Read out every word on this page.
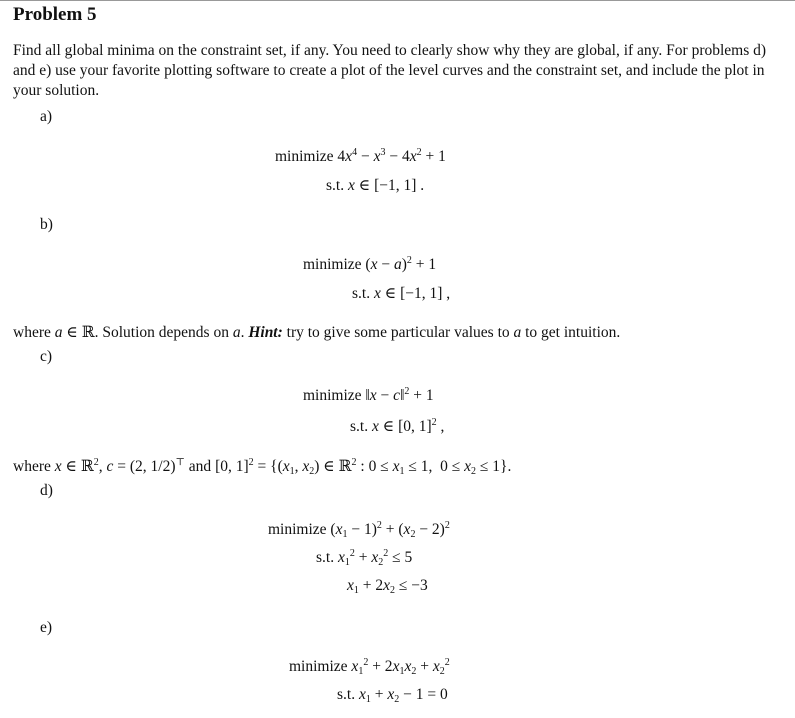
Problem 5
Find all global minima on the constraint set, if any. You need to clearly show why they are global, if any. For problems d) and e) use your favorite plotting software to create a plot of the level curves and the constraint set, and include the plot in your solution.
a)
minimize $4x^4 - x^3 - 4x^2 + 1$
s.t. x ∈ [−1, 1] .
b)
minimize $(x - a)^2 + 1$
s.t. x ∈ [−1, 1] ,
where a ∈ ℝ. Solution depends on a. Hint: try to give some particular values to a to get intuition.
c)
minimize ‖x − c‖$^2$ + 1
s.t. x ∈ [0, 1]$^2$ ,
where x ∈ ℝ$^2$, c = (2, 1/2)⊤ and [0, $1]^2 = \{(x_1$, $x_2$) ∈ ℝ$^2$ : $0 \le x_1 \le 1$,  $0 \le x_2 \le 1$}.
d)
minimize $(x_1 - 1)^2 + (x_2 - 2)^2$
s.t. $x_1^2 + x_2^2 \le 5$
$x_1 + 2x_2 \le -3$
e)
minimize $x_1^2 + 2x_1x_2 + x_2^2$
s.t. $x_1 + x_2 - 1 = 0$
